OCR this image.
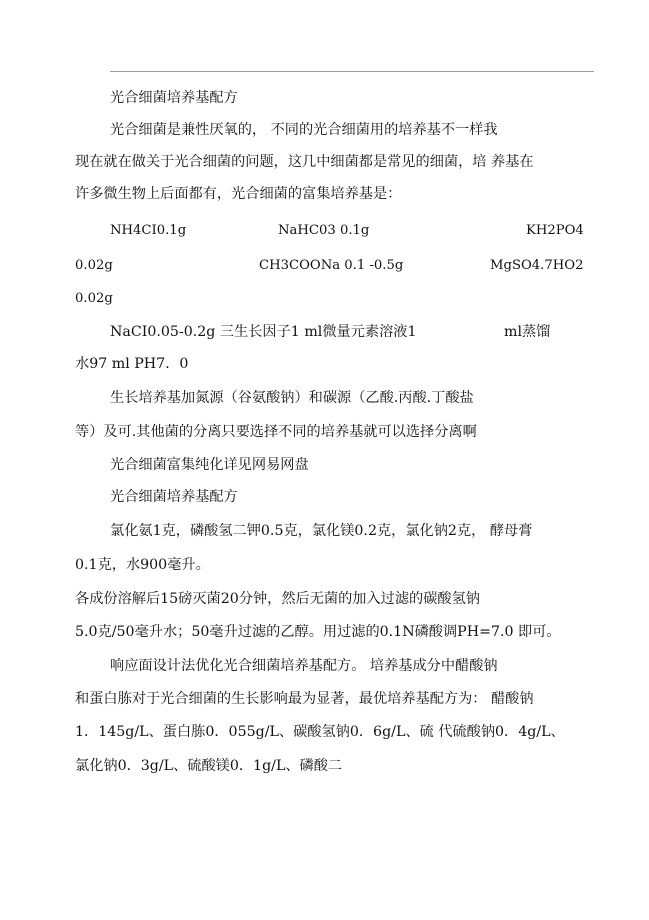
光合细菌培养基配方
光合细菌是兼性厌氧的， 不同的光合细菌用的培养基不一样我
现在就在做关于光合细菌的问题，这几中细菌都是常见的细菌，培 养基在
许多微生物上后面都有，光合细菌的富集培养基是：
NH4CI0.1g	NaHC03 0.1g	KH2PO4
0.02g	CH3COONa 0.1 -0.5g	MgSO4.7HO2
0.02g
NaCI0.05-0.2g 三生长因子1 ml微量元素溶液1	ml蒸馏
水97 ml PH7．0
生长培养基加氮源（谷氨酸钠）和碳源（乙酸.丙酸.丁酸盐
等）及可.其他菌的分离只要选择不同的培养基就可以选择分离啊
光合细菌富集纯化详见网易网盘
光合细菌培养基配方
氯化氨1克，磷酸氢二钾0.5克，氯化镁0.2克，氯化钠2克， 酵母膏
0.1克，水900毫升。
各成份溶解后15磅灭菌20分钟，然后无菌的加入过滤的碳酸氢钠
5.0克/50毫升水；50毫升过滤的乙醇。用过滤的0.1N磷酸调PH=7.0 即可。
响应面设计法优化光合细菌培养基配方。 培养基成分中醋酸钠
和蛋白胨对于光合细菌的生长影响最为显著，最优培养基配方为： 醋酸钠
1．145g/L、蛋白胨0．055g/L、碳酸氢钠0．6g/L、硫 代硫酸钠0．4g/L、
氯化钠0．3g/L、硫酸镁0．1g/L、磷酸二
